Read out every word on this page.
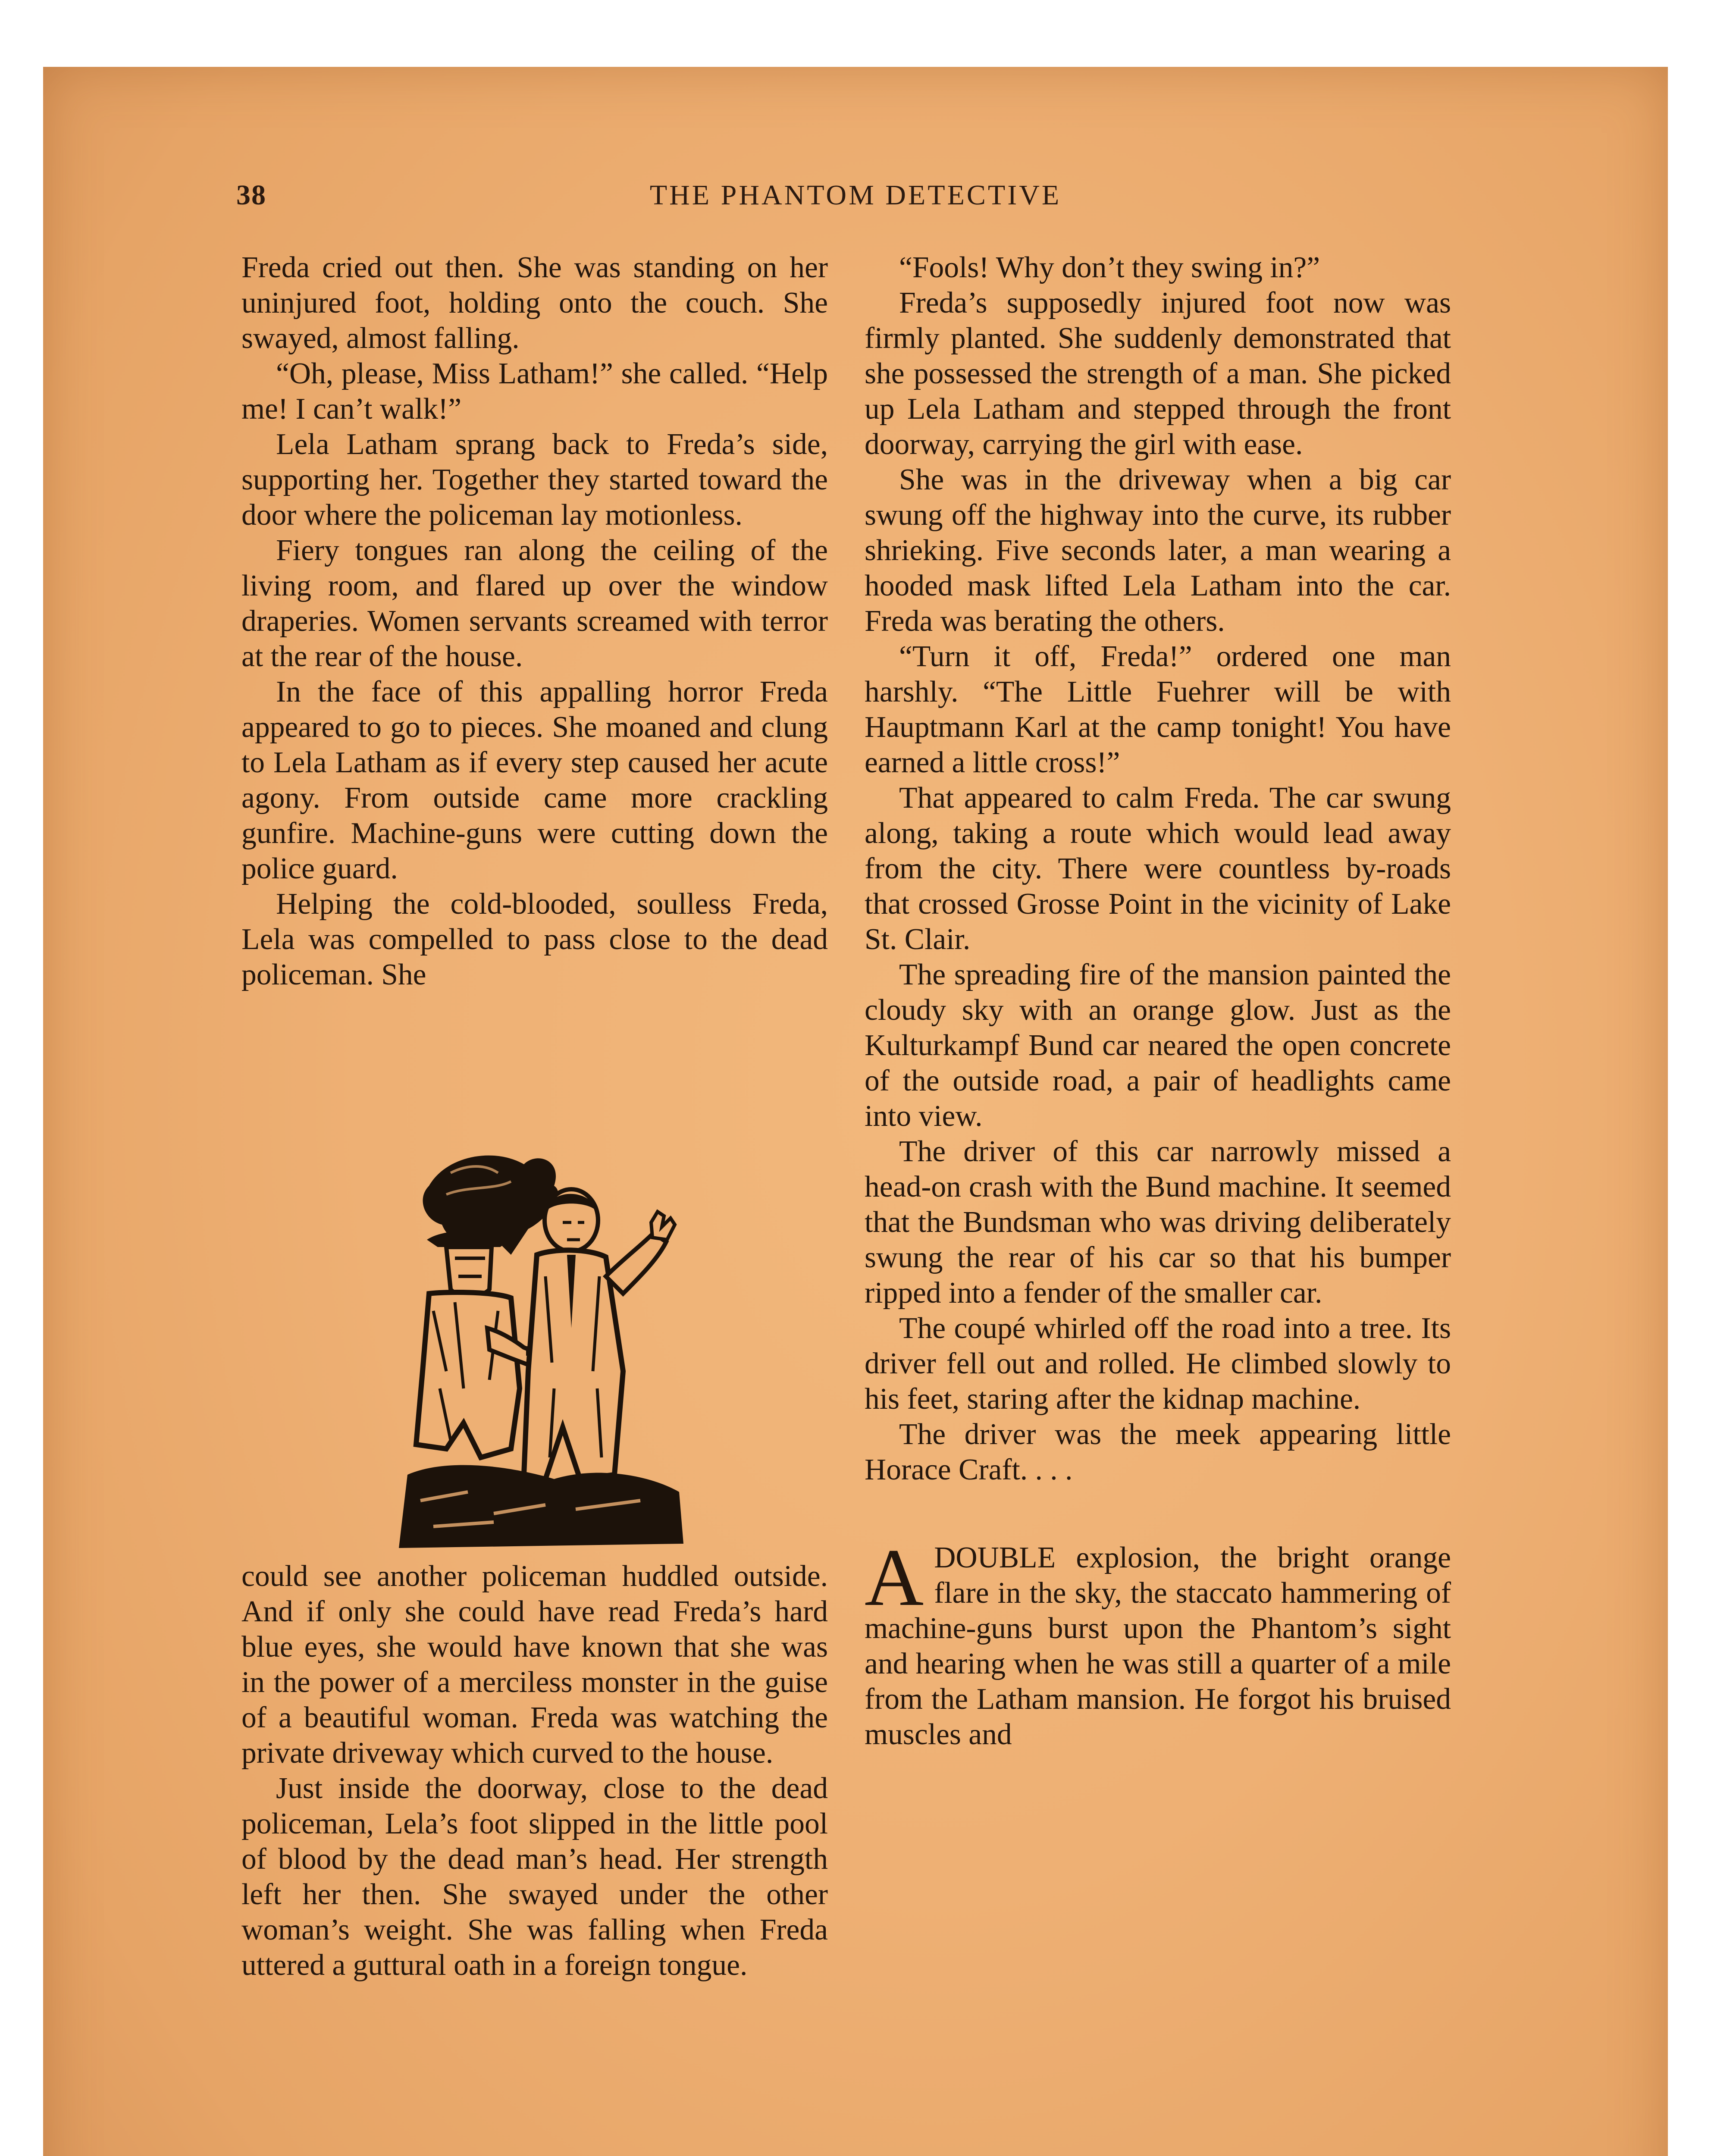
38	THE PHANTOM DETECTIVE

Freda cried out then. She was standing on her uninjured foot, holding onto the couch. She swayed, almost falling.

“Oh, please, Miss Latham!” she called. “Help me! I can’t walk!”

Lela Latham sprang back to Freda’s side, supporting her. Together they started toward the door where the policeman lay motionless.

Fiery tongues ran along the ceiling of the living room, and flared up over the window draperies. Women servants screamed with terror at the rear of the house.

In the face of this appalling horror Freda appeared to go to pieces. She moaned and clung to Lela Latham as if every step caused her acute agony. From outside came more crackling gunfire. Machine-guns were cutting down the police guard.

Helping the cold-blooded, soulless Freda, Lela was compelled to pass close to the dead policeman. She

could see another policeman huddled outside. And if only she could have read Freda’s hard blue eyes, she would have known that she was in the power of a merciless monster in the guise of a beautiful woman. Freda was watching the private driveway which curved to the house.

Just inside the doorway, close to the dead policeman, Lela’s foot slipped in the little pool of blood by the dead man’s head. Her strength left her then. She swayed under the other woman’s weight. She was falling when Freda uttered a guttural oath in a foreign tongue.

“Fools! Why don’t they swing in?”

Freda’s supposedly injured foot now was firmly planted. She suddenly demonstrated that she possessed the strength of a man. She picked up Lela Latham and stepped through the front doorway, carrying the girl with ease.

She was in the driveway when a big car swung off the highway into the curve, its rubber shrieking. Five seconds later, a man wearing a hooded mask lifted Lela Latham into the car. Freda was berating the others.

“Turn it off, Freda!” ordered one man harshly. “The Little Fuehrer will be with Hauptmann Karl at the camp tonight! You have earned a little cross!”

That appeared to calm Freda. The car swung along, taking a route which would lead away from the city. There were countless by-roads that crossed Grosse Point in the vicinity of Lake St. Clair.

The spreading fire of the mansion painted the cloudy sky with an orange glow. Just as the Kulturkampf Bund car neared the open concrete of the outside road, a pair of headlights came into view.

The driver of this car narrowly missed a head-on crash with the Bund machine. It seemed that the Bundsman who was driving deliberately swung the rear of his car so that his bumper ripped into a fender of the smaller car.

The coupé whirled off the road into a tree. Its driver fell out and rolled. He climbed slowly to his feet, staring after the kidnap machine.

The driver was the meek appearing little Horace Craft. . . .

ADOUBLE explosion, the bright orange flare in the sky, the staccato hammering of machine-guns burst upon the Phantom’s sight and hearing when he was still a quarter of a mile from the Latham mansion. He forgot his bruised muscles and
